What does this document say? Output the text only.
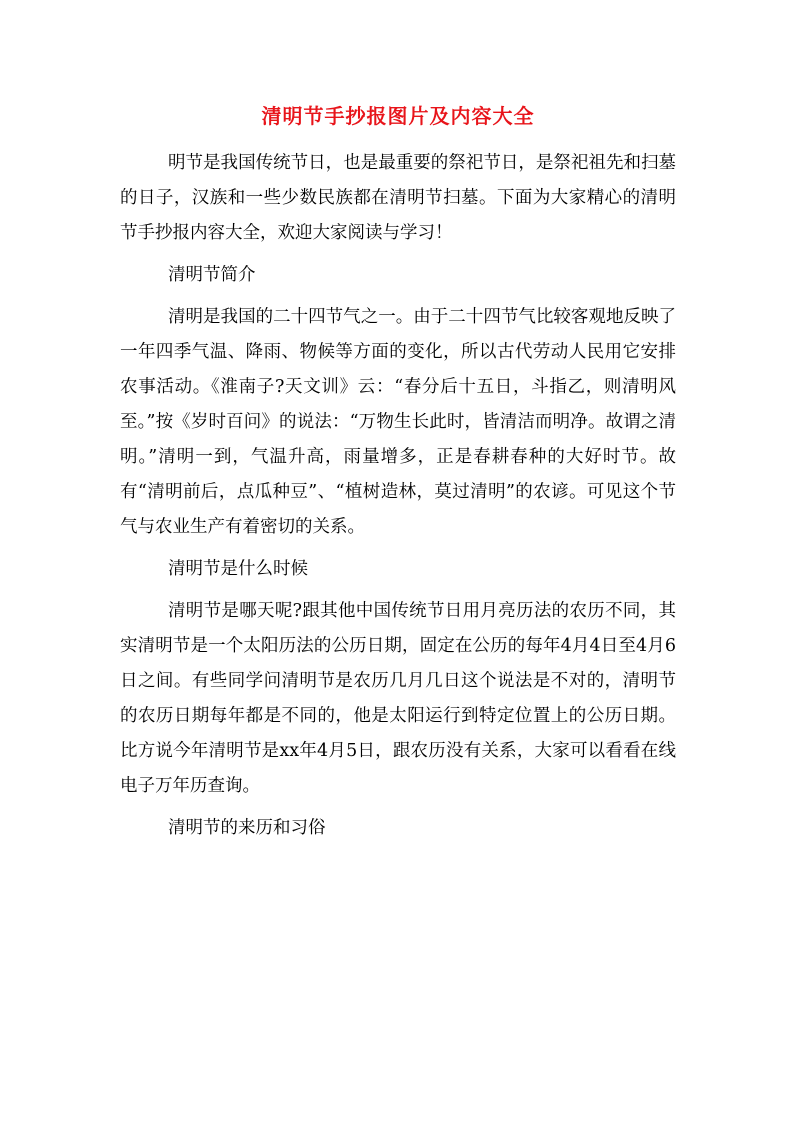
清明节手抄报图片及内容大全

明节是我国传统节日，也是最重要的祭祀节日，是祭祀祖先和扫墓的日子，汉族和一些少数民族都在清明节扫墓。下面为大家精心的清明节手抄报内容大全，欢迎大家阅读与学习！

清明节简介

清明是我国的二十四节气之一。由于二十四节气比较客观地反映了一年四季气温、降雨、物候等方面的变化，所以古代劳动人民用它安排农事活动。《淮南子?天文训》云：“春分后十五日，斗指乙，则清明风至。”按《岁时百问》的说法：“万物生长此时，皆清洁而明净。故谓之清明。”清明一到，气温升高，雨量增多，正是春耕春种的大好时节。故有“清明前后，点瓜种豆”、“植树造林，莫过清明”的农谚。可见这个节气与农业生产有着密切的关系。

清明节是什么时候

清明节是哪天呢?跟其他中国传统节日用月亮历法的农历不同，其实清明节是一个太阳历法的公历日期，固定在公历的每年4月4日至4月6日之间。有些同学问清明节是农历几月几日这个说法是不对的，清明节的农历日期每年都是不同的，他是太阳运行到特定位置上的公历日期。比方说今年清明节是xx年4月5日，跟农历没有关系，大家可以看看在线电子万年历查询。

清明节的来历和习俗
